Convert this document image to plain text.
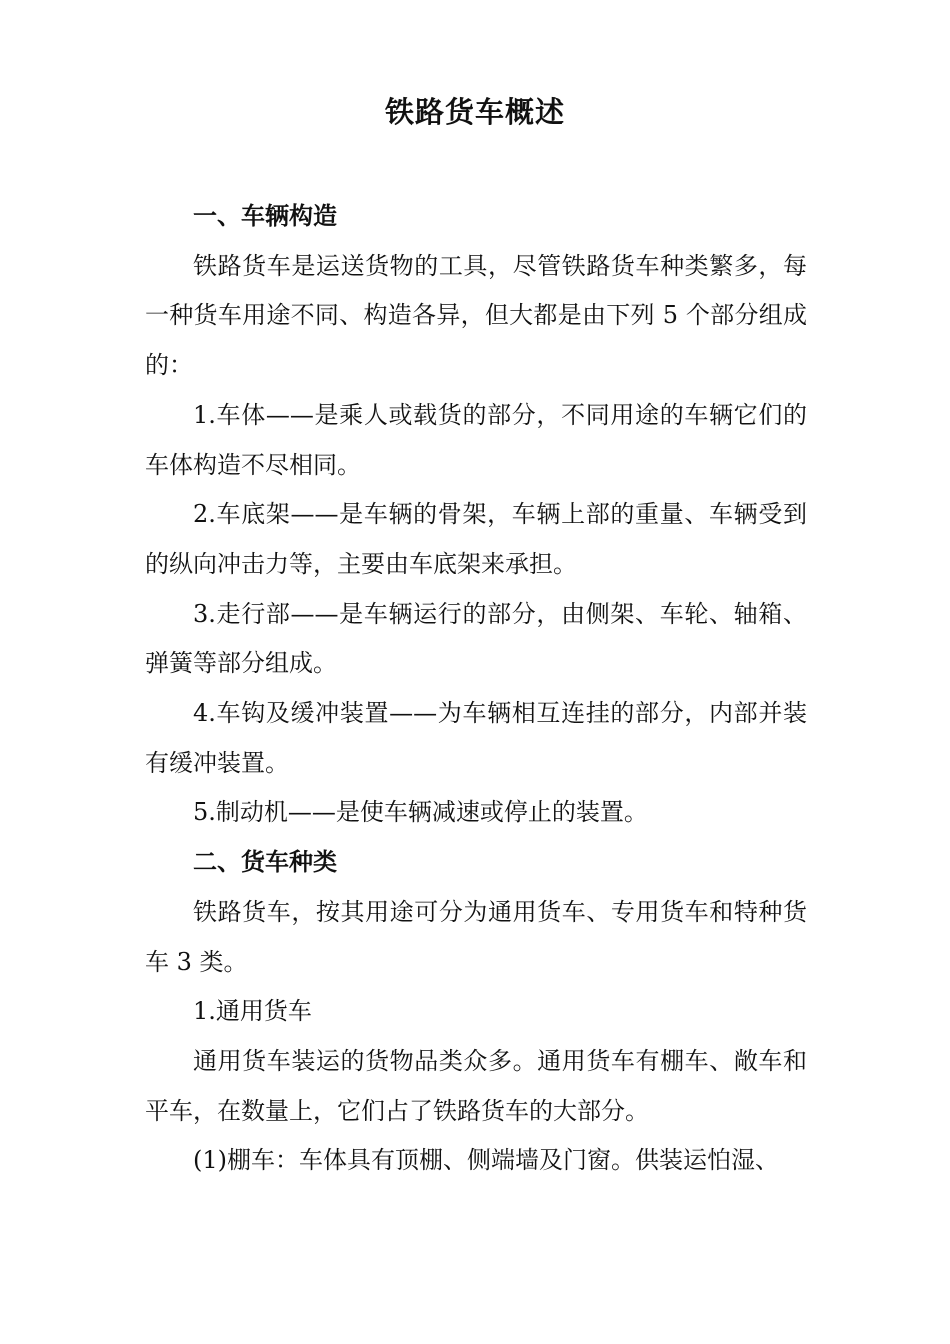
铁路货车概述

一、车辆构造

铁路货车是运送货物的工具，尽管铁路货车种类繁多，每一种货车用途不同、构造各异，但大都是由下列 5 个部分组成的：

1.车体——是乘人或载货的部分，不同用途的车辆它们的车体构造不尽相同。

2.车底架——是车辆的骨架，车辆上部的重量、车辆受到的纵向冲击力等，主要由车底架来承担。

3.走行部——是车辆运行的部分，由侧架、车轮、轴箱、弹簧等部分组成。

4.车钩及缓冲装置——为车辆相互连挂的部分，内部并装有缓冲装置。

5.制动机——是使车辆减速或停止的装置。

二、货车种类

铁路货车，按其用途可分为通用货车、专用货车和特种货车 3 类。

1.通用货车

通用货车装运的货物品类众多。通用货车有棚车、敞车和平车，在数量上，它们占了铁路货车的大部分。

(1)棚车：车体具有顶棚、侧端墙及门窗。供装运怕湿、
